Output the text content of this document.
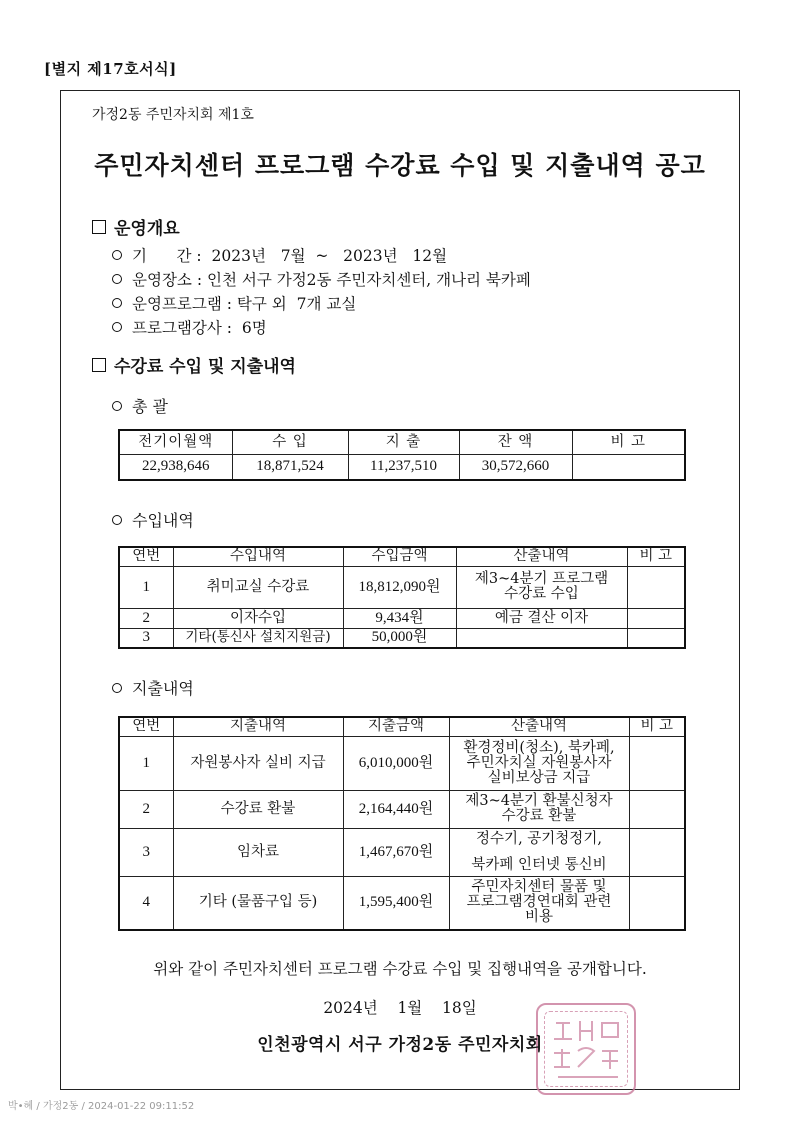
[별지 제17호서식]
가정2동 주민자치회 제1호
주민자치센터 프로그램 수강료 수입 및 지출내역 공고
운영개요
기      간 :  2023년   7월  ~   2023년   12월
운영장소 : 인천 서구 가정2동 주민자치센터, 개나리 북카페
운영프로그램 : 탁구 외  7개 교실
프로그램강사 :  6명
수강료 수입 및 지출내역
총 괄
전기이월액	수 입	지 출	잔 액	비 고
22,938,646	18,871,524	11,237,510	30,572,660	
수입내역
연번	수입내역	수입금액	산출내역	비 고
1	취미교실 수강료	18,812,090원	제3~4분기 프로그램
수강료 수입	
2	이자수입	9,434원	예금 결산 이자	
3	기타(통신사 설치지원금)	50,000원		
지출내역
연번	지출내역	지출금액	산출내역	비 고
1	자원봉사자 실비 지급	6,010,000원	환경정비(청소), 북카페,
주민자치실 자원봉사자
실비보상금 지급	
2	수강료 환불	2,164,440원	제3~4분기 환불신청자
수강료 환불	
3	임차료	1,467,670원	정수기, 공기청정기,

북카페 인터넷 통신비	
4	기타 (물품구입 등)	1,595,400원	주민자치센터 물품 및
프로그램경연대회 관련
비용	
위와 같이 주민자치센터 프로그램 수강료 수입 및 집행내역을 공개합니다.
2024년    1월    18일
인천광역시 서구 가정2동 주민자치회
박•혜 / 가정2동 / 2024-01-22 09:11:52
